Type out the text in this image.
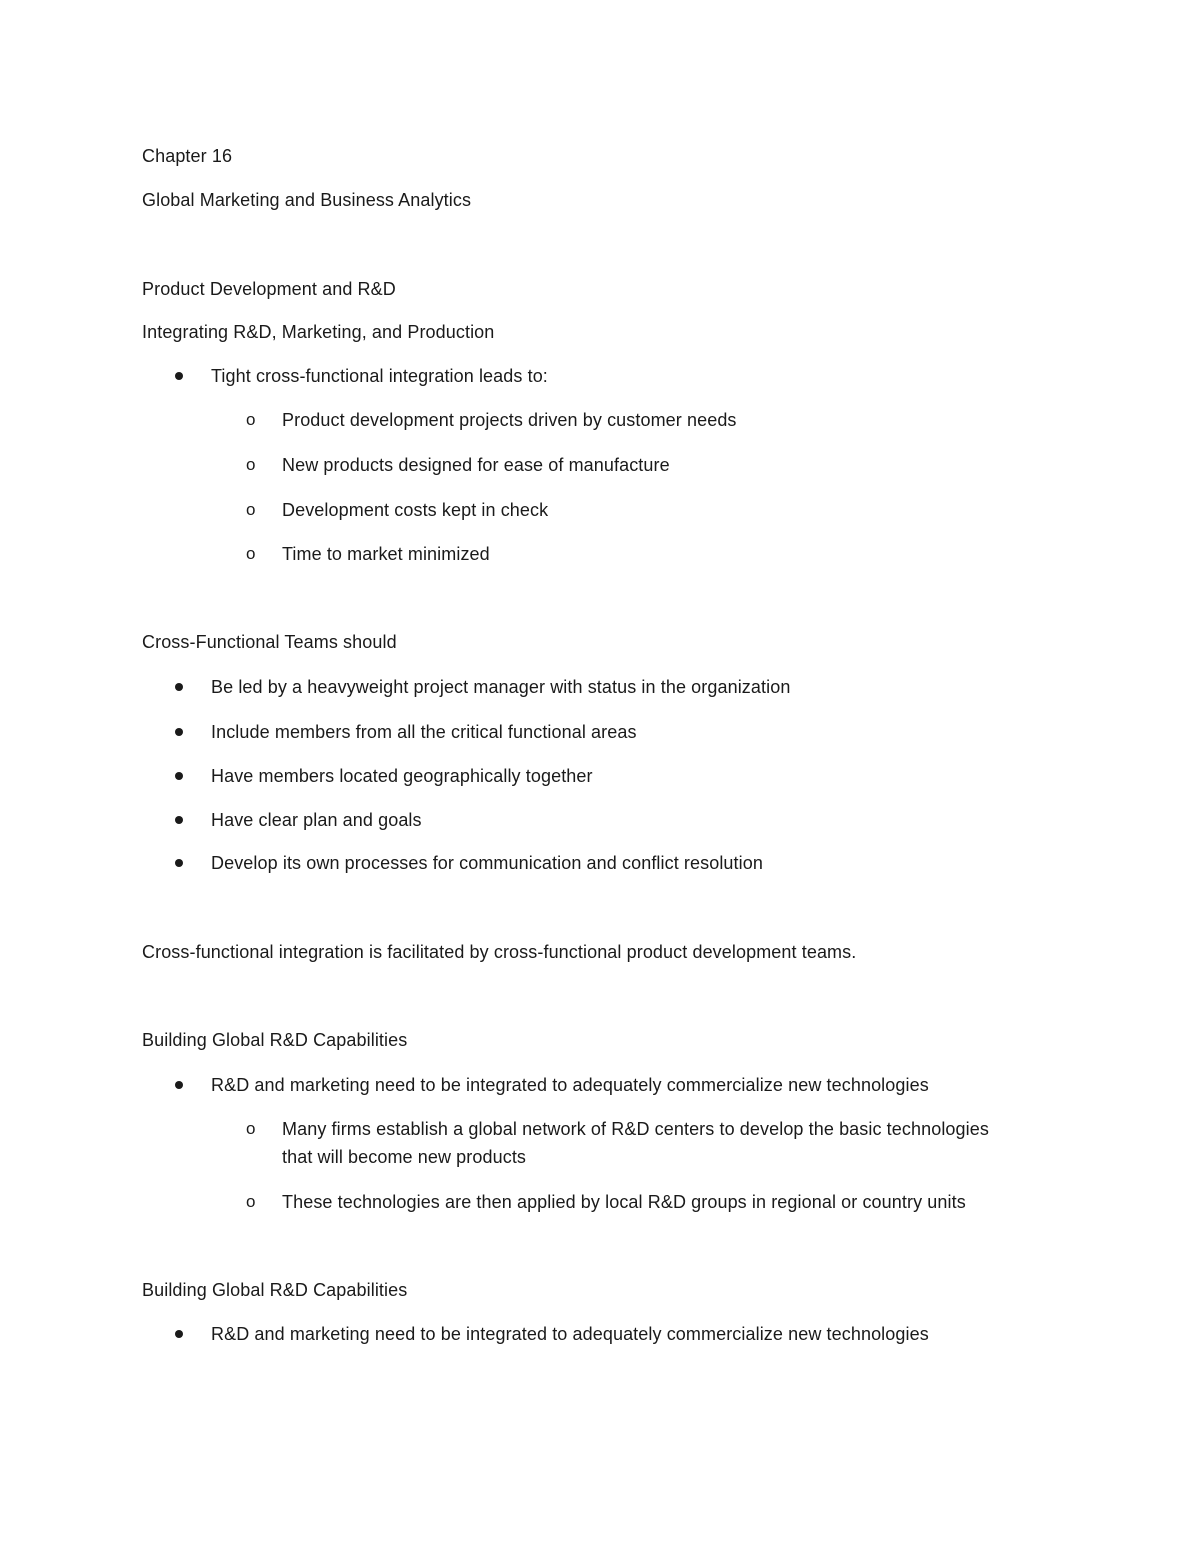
Chapter 16
Global Marketing and Business Analytics
Product Development and R&D
Integrating R&D, Marketing, and Production
Tight cross-functional integration leads to:
o Product development projects driven by customer needs
o New products designed for ease of manufacture
o Development costs kept in check
o Time to market minimized
Cross-Functional Teams should
Be led by a heavyweight project manager with status in the organization
Include members from all the critical functional areas
Have members located geographically together
Have clear plan and goals
Develop its own processes for communication and conflict resolution
Cross-functional integration is facilitated by cross-functional product development teams.
Building Global R&D Capabilities
R&D and marketing need to be integrated to adequately commercialize new technologies
o Many firms establish a global network of R&D centers to develop the basic technologies
that will become new products
o These technologies are then applied by local R&D groups in regional or country units
Building Global R&D Capabilities
R&D and marketing need to be integrated to adequately commercialize new technologies
